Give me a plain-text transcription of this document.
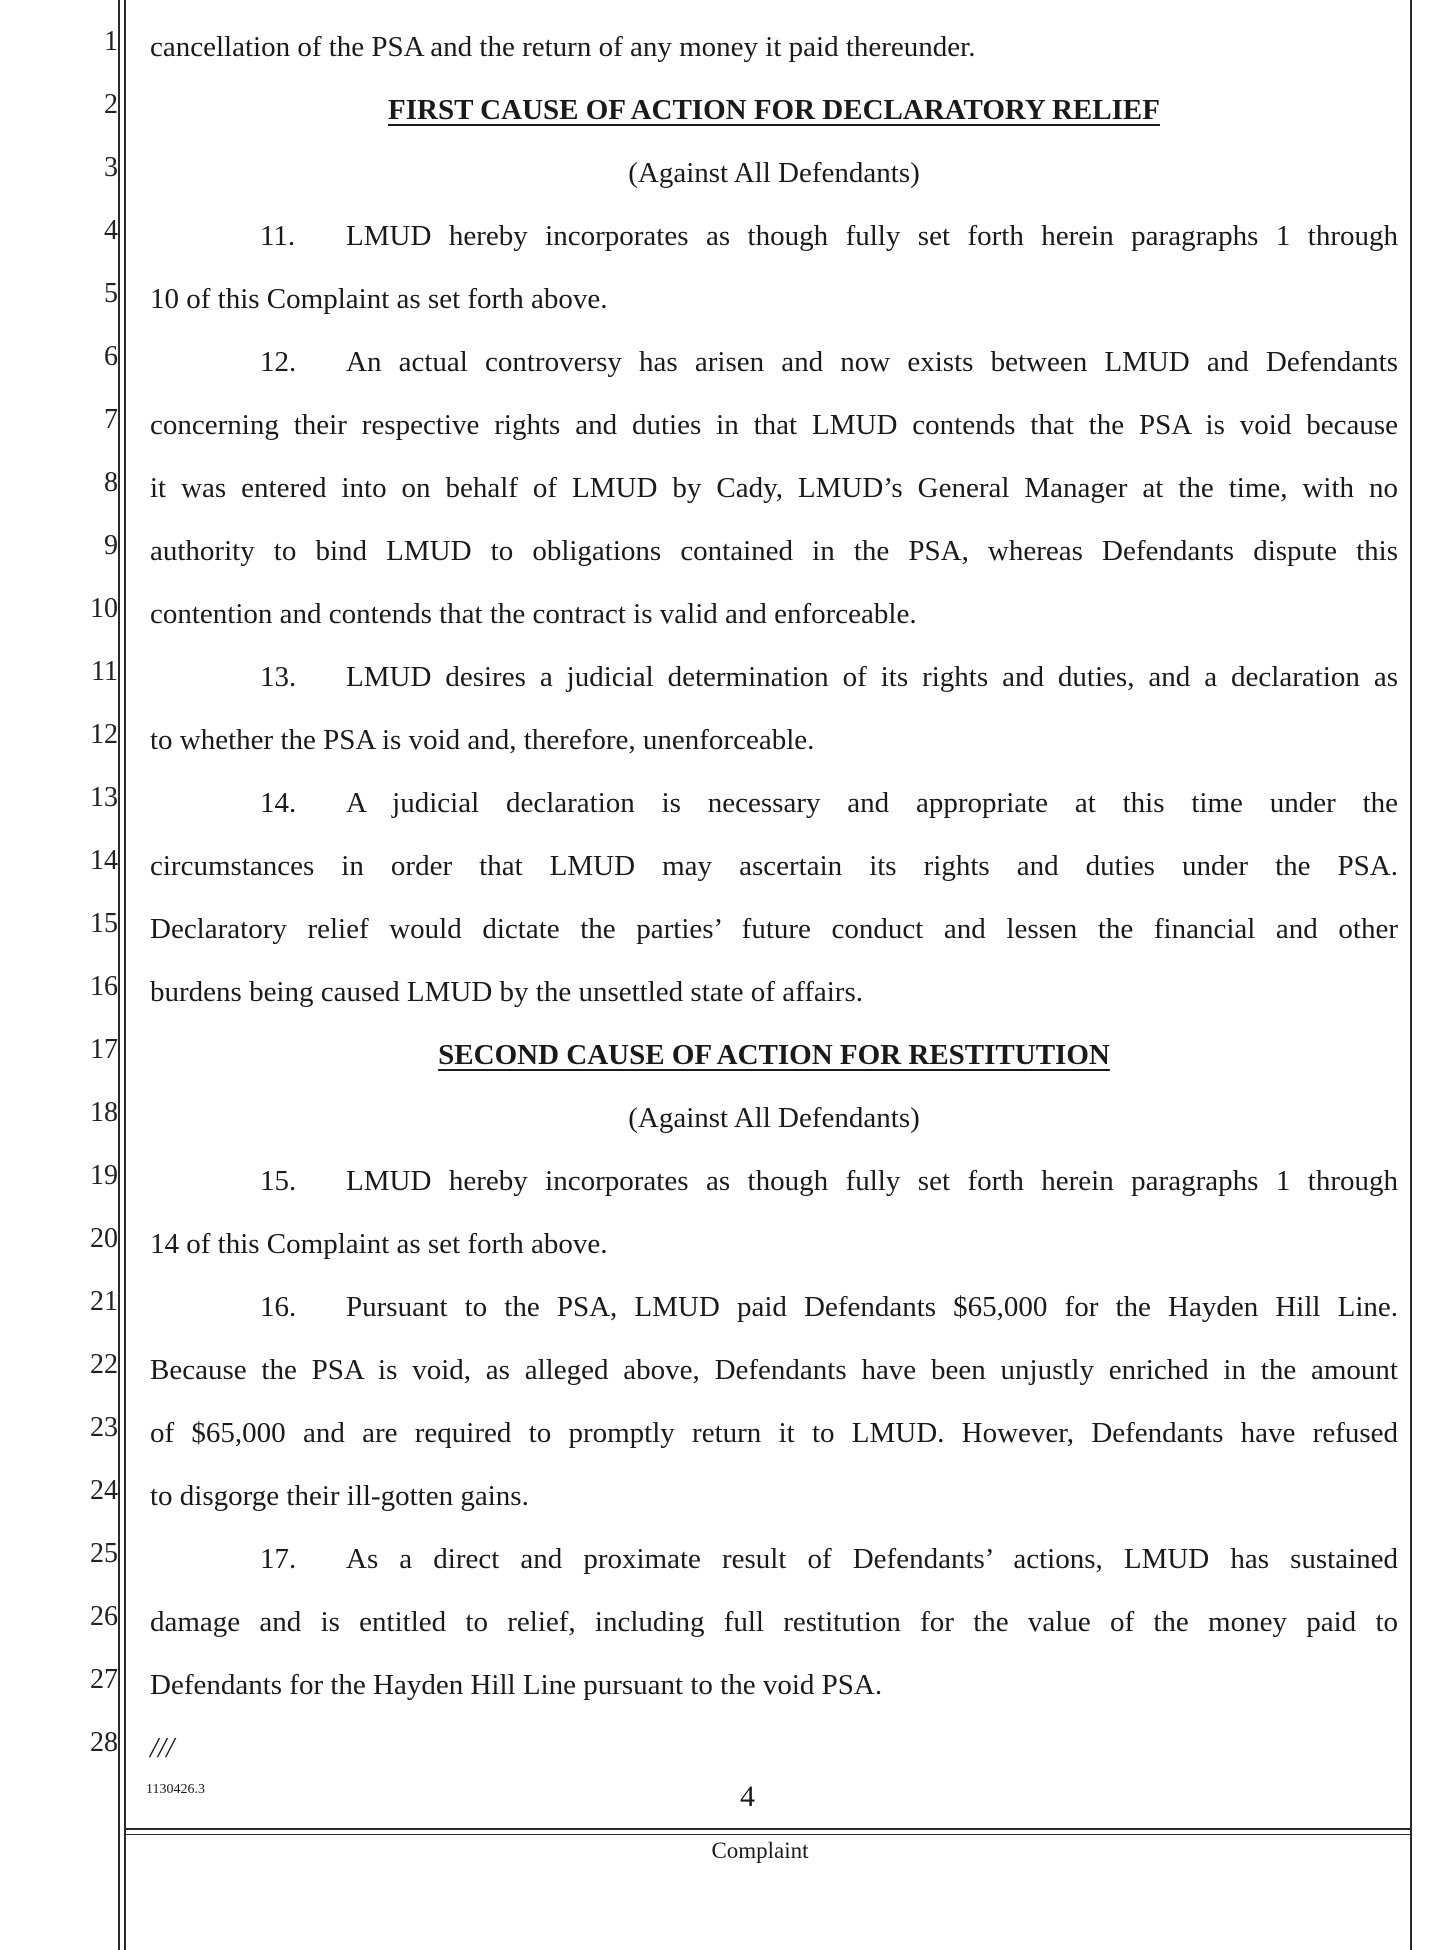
1
2
3
4
5
6
7
8
9
10
11
12
13
14
15
16
17
18
19
20
21
22
23
24
25
26
27
28
cancellation of the PSA and the return of any money it paid thereunder.
FIRST CAUSE OF ACTION FOR DECLARATORY RELIEF
(Against All Defendants)
11. LMUD hereby incorporates as though fully set forth herein paragraphs 1 through
10 of this Complaint as set forth above.
12. An actual controversy has arisen and now exists between LMUD and Defendants
concerning their respective rights and duties in that LMUD contends that the PSA is void because
it was entered into on behalf of LMUD by Cady, LMUD’s General Manager at the time, with no
authority to bind LMUD to obligations contained in the PSA, whereas Defendants dispute this
contention and contends that the contract is valid and enforceable.
13. LMUD desires a judicial determination of its rights and duties, and a declaration as
to whether the PSA is void and, therefore, unenforceable.
14. A judicial declaration is necessary and appropriate at this time under the
circumstances in order that LMUD may ascertain its rights and duties under the PSA.
Declaratory relief would dictate the parties’ future conduct and lessen the financial and other
burdens being caused LMUD by the unsettled state of affairs.
SECOND CAUSE OF ACTION FOR RESTITUTION
(Against All Defendants)
15. LMUD hereby incorporates as though fully set forth herein paragraphs 1 through
14 of this Complaint as set forth above.
16. Pursuant to the PSA, LMUD paid Defendants $65,000 for the Hayden Hill Line.
Because the PSA is void, as alleged above, Defendants have been unjustly enriched in the amount
of $65,000 and are required to promptly return it to LMUD. However, Defendants have refused
to disgorge their ill-gotten gains.
17. As a direct and proximate result of Defendants’ actions, LMUD has sustained
damage and is entitled to relief, including full restitution for the value of the money paid to
Defendants for the Hayden Hill Line pursuant to the void PSA.
///
1130426.3	4
Complaint
